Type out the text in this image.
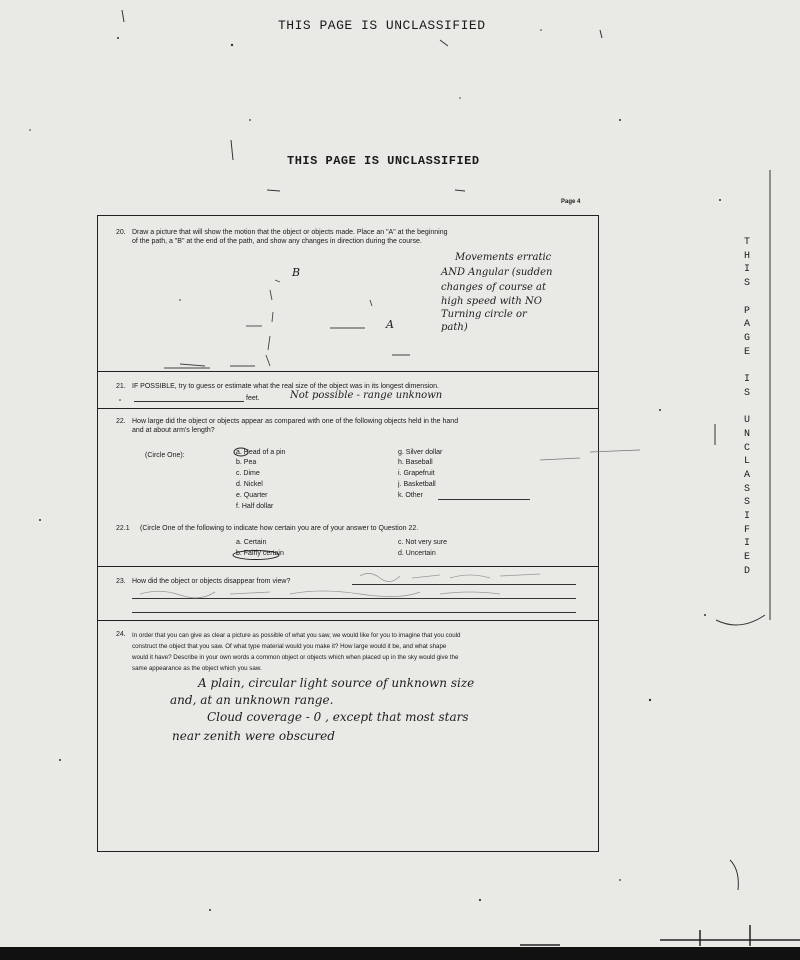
THIS PAGE IS UNCLASSIFIED
THIS PAGE IS UNCLASSIFIED
Page 4
T
H
I
S

P
A
G
E

I
S

U
N
C
L
A
S
S
I
F
I
E
D
20. Draw a picture that will show the motion that the object or objects made. Place an "A" at the beginning
of the path, a "B" at the end of the path, and show any changes in direction during the course.
B
A
Movements erratic
AND Angular (sudden
changes of course at
high speed with NO
Turning circle or
path)
21. IF POSSIBLE, try to guess or estimate what the real size of the object was in its longest dimension.
feet.	Not possible - range unknown
22. How large did the object or objects appear as compared with one of the following objects held in the hand
and at about arm's length?
(Circle One):	a. Head of a pin
b. Pea
c. Dime
d. Nickel
e. Quarter
f. Half dollar
g. Silver dollar
h. Baseball
i. Grapefruit
j. Basketball
k. Other
22.1 (Circle One of the following to indicate how certain you are of your answer to Question 22.
a. Certain	c. Not very sure
b. Fairly certain	d. Uncertain
23. How did the object or objects disappear from view?
24. In order that you can give as clear a picture as possible of what you saw, we would like for you to imagine that you could
construct the object that you saw. Of what type material would you make it? How large would it be, and what shape
would it have? Describe in your own words a common object or objects which when placed up in the sky would give the
same appearance as the object which you saw.
A plain, circular light source of unknown size
and, at an unknown range.
Cloud coverage - 0 , except that most stars
near zenith were obscured
